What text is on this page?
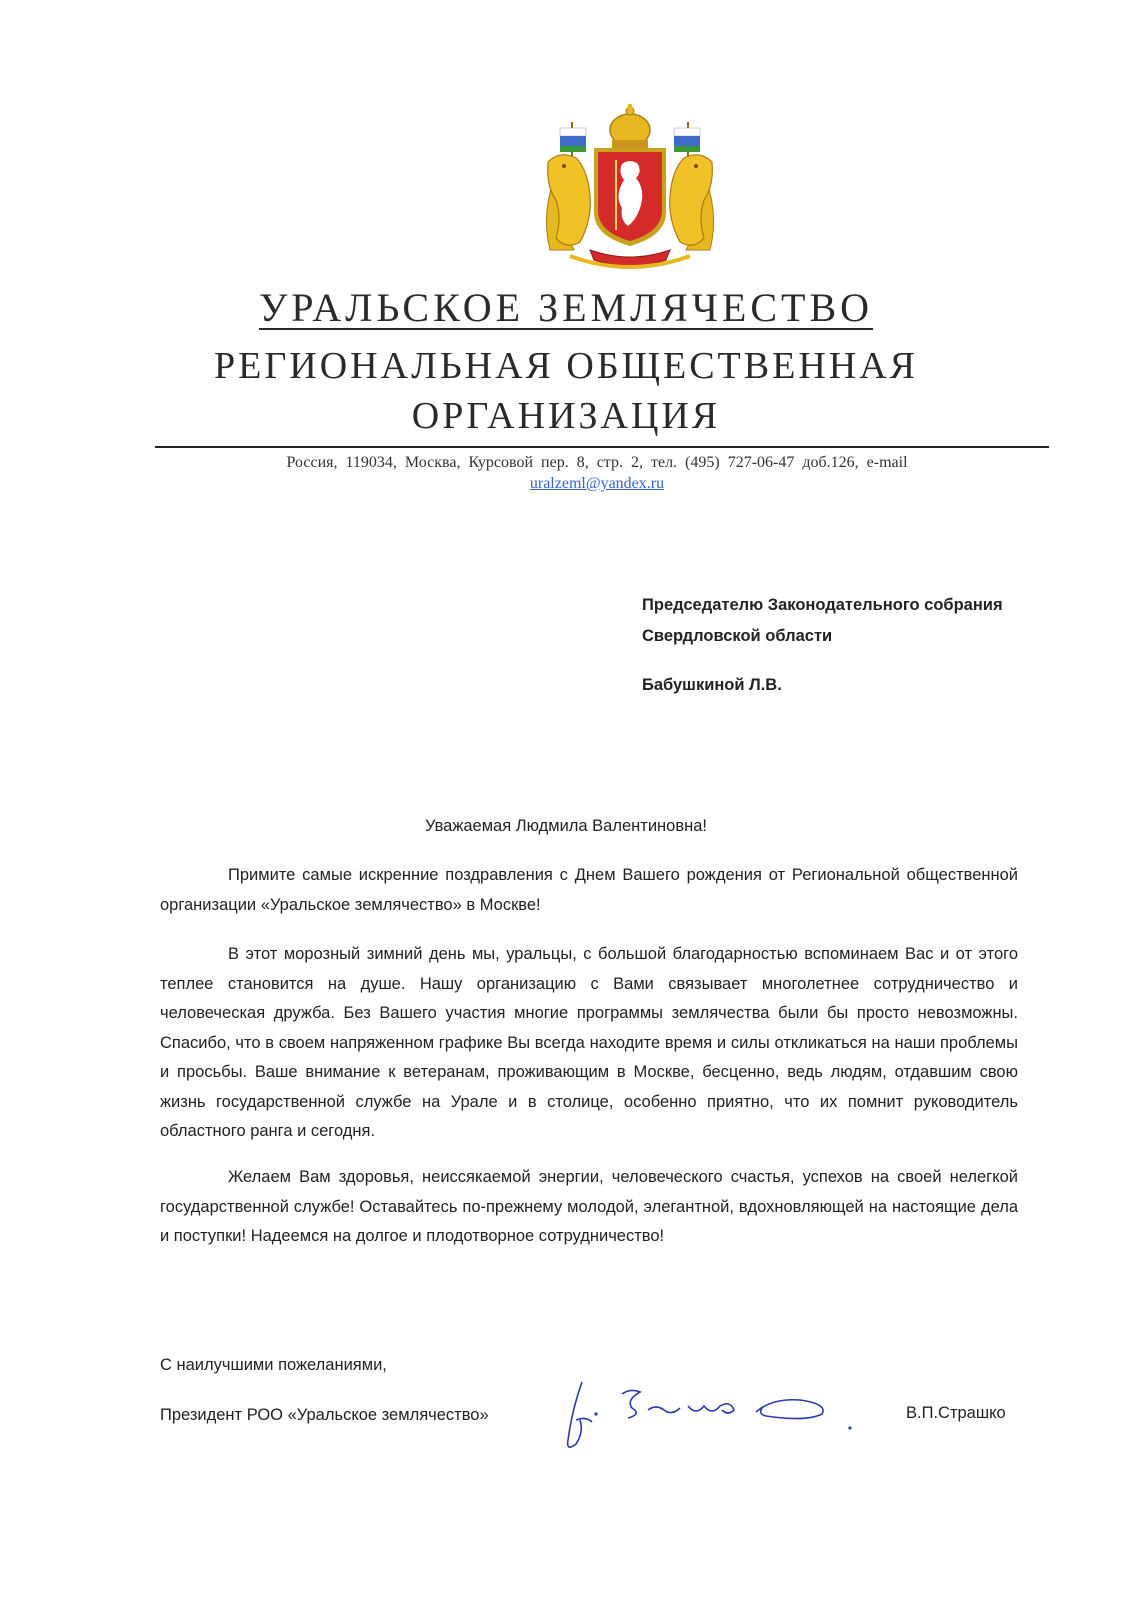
УРАЛЬСКОЕ ЗЕМЛЯЧЕСТВО
РЕГИОНАЛЬНАЯ ОБЩЕСТВЕННАЯ
ОРГАНИЗАЦИЯ
Россия, 119034, Москва, Курсовой пер. 8, стр. 2, тел. (495) 727-06-47 доб.126, e-mail
uralzeml@yandex.ru
Председателю Законодательного собрания
Свердловской области
Бабушкиной Л.В.
Уважаемая Людмила Валентиновна!

Примите самые искренние поздравления с Днем Вашего рождения от Региональной общественной организации «Уральское землячество» в Москве!

В этот морозный зимний день мы, уральцы, с большой благодарностью вспоминаем Вас и от этого теплее становится на душе. Нашу организацию с Вами связывает многолетнее сотрудничество и человеческая дружба. Без Вашего участия многие программы землячества были бы просто невозможны. Спасибо, что в своем напряженном графике Вы всегда находите время и силы откликаться на наши проблемы и просьбы. Ваше внимание к ветеранам, проживающим в Москве, бесценно, ведь людям, отдавшим свою жизнь государственной службе на Урале и в столице, особенно приятно, что их помнит руководитель областного ранга и сегодня.

Желаем Вам здоровья, неиссякаемой энергии, человеческого счастья, успехов на своей нелегкой государственной службе! Оставайтесь по-прежнему молодой, элегантной, вдохновляющей на настоящие дела и поступки! Надеемся на долгое и плодотворное сотрудничество!

С наилучшими пожеланиями,
Президент РОО «Уральское землячество»	В.П.Страшко
